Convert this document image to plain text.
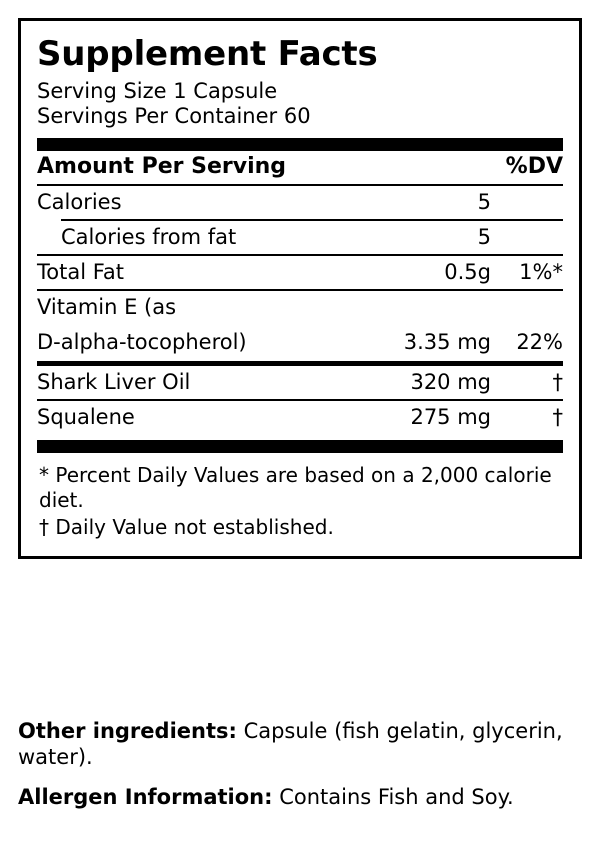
Supplement Facts
Serving Size 1 Capsule
Servings Per Container 60
Amount Per Serving	%DV
Calories	5
Calories from fat	5
Total Fat	0.5g	1%*
Vitamin E (as
D-alpha-tocopherol)	3.35 mg	22%
Shark Liver Oil	320 mg	†
Squalene	275 mg	†
* Percent Daily Values are based on a 2,000 calorie diet.
† Daily Value not established.
Other ingredients: Capsule (fish gelatin, glycerin, water).
Allergen Information: Contains Fish and Soy.
